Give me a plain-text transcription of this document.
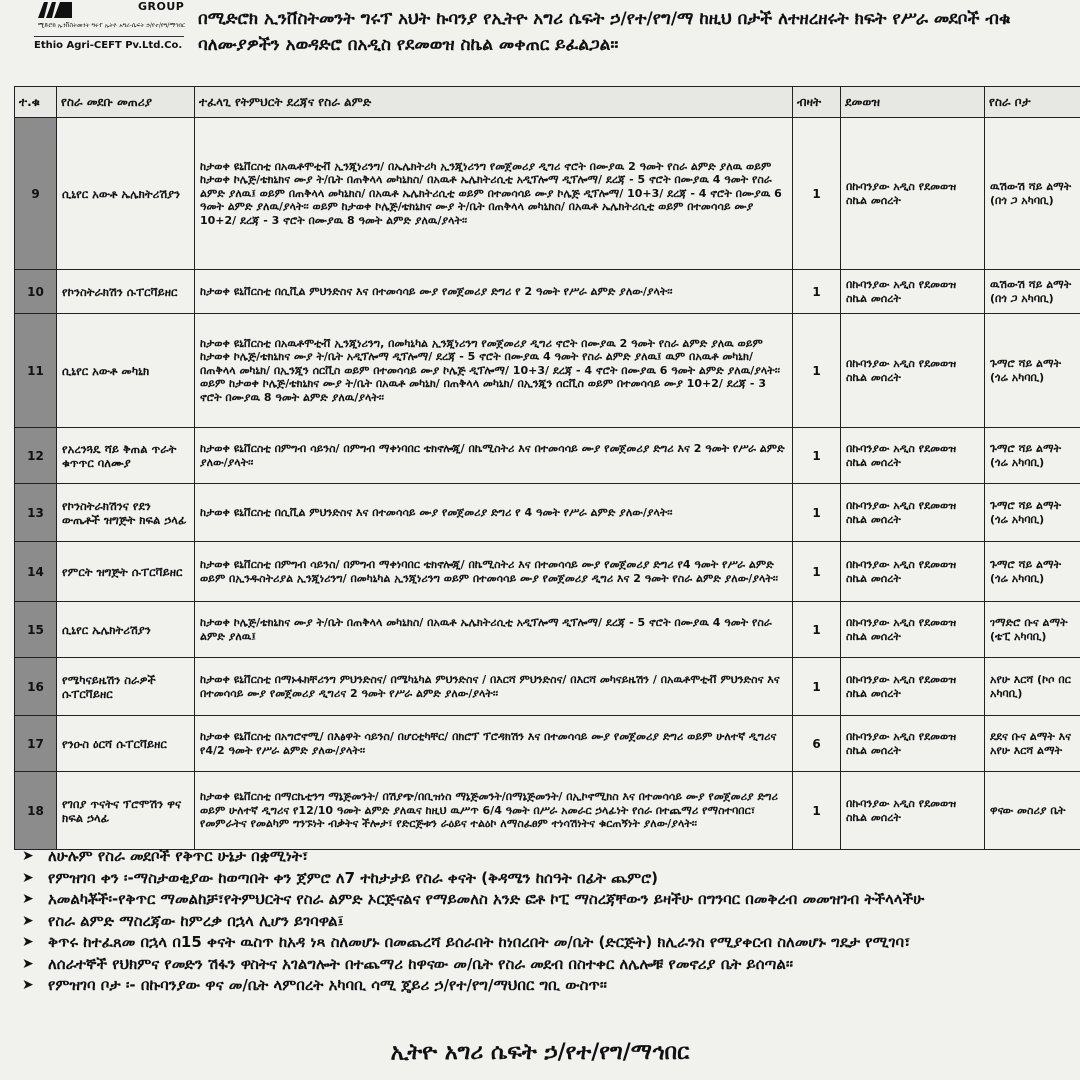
GROUP
ሚድሮክ ኢንቨስትመንት ግሩፕ ኢትዮ አግሪ-ሴፍት ኃ/የተ/የግ/ማኅበር
Ethio Agri-CEFT Pv.Ltd.Co.
በሚድሮክ ኢንቨስትመንት ግሩፕ አህት ኩባንያ የኢትዮ አግሪ ሴፍት ኃ/የተ/የግ/ማ ከዚህ በታች ለተዘረዘሩት ክፍት የሥራ መደቦች ብቁ ባለሙያዎችን አወዳድሮ በአዲስ የደመወዝ ስኬል መቀጠር ይፈልጋል።
ተ.ቁ	የስራ መደቡ መጠሪያ	ተፈላጊ የትምህርት ደረጃና የስራ ልምድ	ብዛት	ደመወዝ	የስራ ቦታ
9	ሲኒየር አውቶ ኤሌክትሪሽያን	ከታወቀ ዩኒቨርስቲ በአዉቶሞቲቭ ኢንጂነሪንግ/ በኤሌክትሪካ ኢንጂነሪንግ የመጀመሪያ ዲግሪ ኖሮት በሙያዉ 2 ዓመት የስራ ልምድ ያለዉ ወይም ከታወቀ ኮሌጅ/ቴክኒክና ሙያ ት/ቤት በጠቅላላ መካኒክስ/ በአዉቶ ኤሌክትሪሲቲ አዲፕሎማ ዲፕሎማ/ ደረጃ - 5 ኖሮት በሙያዉ 4 ዓመት የስራ ልምድ ያለዉ፤ ወይም በጠቅላላ መካኒክስ/ በአዉቶ ኤሌክትሪሲቲ ወይም በተመሳሳይ ሙያ ኮሌጅ ዲፕሎማ/ 10+3/ ደረጃ - 4 ኖሮት በሙያዉ 6 ዓመት ልምድ ያለዉ/ያላት፡፡ ወይም ከታወቀ ኮሌጅ/ቴክኒክና ሙያ ት/ቤት በጠቅላላ መካኒክስ/ በአዉቶ ኤሌክትሪሲቲ ወይም በተመሳሳይ ሙያ 10+2/ ደረጃ - 3 ኖሮት በሙያዉ 8 ዓመት ልምድ ያለዉ/ያላት፡፡	1	በኩባንያው አዲስ የደመወዝ ስኬል መሰረት	ዉሽውሽ ሻይ ልማት (በጎ ጋ አካባቢ)
10	የኮንስትራክሽን ሱፐርቫይዘር	ከታወቀ ዩኒቨርስቲ በሲቪል ምህንድስና እና በተመሳሳይ ሙያ የመጀመሪያ ድግሪ የ 2 ዓመት የሥራ ልምድ ያለው/ያላት፡፡	1	በኩባንያው አዲስ የደመወዝ ስኬል መሰረት	ዉሽውሽ ሻይ ልማት (በጎ ጋ አካባቢ)
11	ሲኒየር አውቶ መካኒክ	ከታወቀ ዩኒቨርስቲ በአዉቶሞቲቭ ኢንጂነሪንግ, በመካኒካል ኢንጂነሪንግ የመጀመሪያ ዲግሪ ኖሮት በሙያዉ 2 ዓመት የስራ ልምድ ያለዉ ወይም ከታወቀ ኮሌጅ/ቴክኒክና ሙያ ት/ቤት አዲፕሎማ ዲፕሎማ/ ደረጃ - 5 ኖሮት በሙያዉ 4 ዓመት የስራ ልምድ ያለዉ፤ ዉም በአዉቶ መካኒክ/ በጠቅላላ መካኒክ/ በኢንጂን ሰርቪስ ወይም በተመሳሳይ ሙያ ኮሌጅ ዲፕሎማ/ 10+3/ ደረጃ - 4 ኖሮት በሙያዉ 6 ዓመት ልምድ ያለዉ/ያላት፡፡ ወይም ከታወቀ ኮሌጅ/ቴክኒክና ሙያ ት/ቤት በአዉቶ መካኒክ/ በጠቅላላ መካኒክ/ በኢንጂን ሰርቪስ ወይም በተመሳሳይ ሙያ 10+2/ ደረጃ - 3 ኖሮት በሙያዉ 8 ዓመት ልምድ ያለዉ/ያላት፡፡	1	በኩባንያው አዲስ የደመወዝ ስኬል መሰረት	ጉማሮ ሻይ ልማት (ጎሬ አካባቢ)
12	የአረንጓዴ ሻይ ቅጠል ጥራት ቁጥጥር ባለሙያ	ከታወቀ ዩኒቨርስቲ በምግብ ሳይንስ/ በምግብ ማቀነባበር ቴክኖሎጂ/ በኬሚስትሪ እና በተመሳሳይ ሙያ የመጀመሪያ ድግሪ እና 2 ዓመት የሥራ ልምድ ያለው/ያላት፡፡	1	በኩባንያው አዲስ የደመወዝ ስኬል መሰረት	ጉማሮ ሻይ ልማት (ጎሬ አካባቢ)
13	የኮንስትራክሽንና የደን ውጤቶች ዝግጅት ክፍል ኃላፊ	ከታወቀ ዩኒቨርስቲ በሲቪል ምህንድስና እና በተመሳሳይ ሙያ የመጀመሪያ ድግሪ የ 4 ዓመት የሥራ ልምድ ያለው/ያላት፡፡	1	በኩባንያው አዲስ የደመወዝ ስኬል መሰረት	ጉማሮ ሻይ ልማት (ጎሬ አካባቢ)
14	የምርት ዝግጅት ሱፐርቫይዘር	ከታወቀ ዩኒቨርስቲ በምግብ ሳይንስ/ በምግብ ማቀነባበር ቴክኖሎጂ/ በኬሚስትሪ እና በተመሳሳይ ሙያ የመጀመሪያ ድግሪ የ4 ዓመት የሥራ ልምድ ወይም በኢንዱስትሪያል ኢንጂነሪንግ/ በመካኒካል ኢንጂነሪንግ ወይም በተመሳሳይ ሙያ የመጀመሪያ ዲግሪ እና 2 ዓመት የስራ ልምድ ያለው/ያላት፡፡	1	በኩባንያው አዲስ የደመወዝ ስኬል መሰረት	ጉማሮ ሻይ ልማት (ጎሬ አካባቢ)
15	ሲኒየር ኤሌክትሪሽያን	ከታወቀ ኮሌጅ/ቴክኒክና ሙያ ት/ቤት በጠቅላላ መካኒክስ/ በአዉቶ ኤሌክትሪሲቲ አዲፕሎማ ዲፕሎማ/ ደረጃ - 5 ኖሮት በሙያዉ 4 ዓመት የስራ ልምድ ያለዉ፤	1	በኩባንያው አዲስ የደመወዝ ስኬል መሰረት	ገማድሮ ቡና ልማት (ቴፒ አካባቢ)
16	የሜካናይዜሽን ስራዎች ሱፐርቫይዘር	ከታወቀ ዩኒቨርስቲ በማኑፋክቸሪንግ ምህንድስና/ በሜካኒካል ምህንድስና / በእርሻ ምህንድስና/ በእርሻ መካናይዜሽን / በአዉቶሞቲቭ ምህንድስና እና በተመሳሳይ ሙያ የመጀመሪያ ዲግሪና 2 ዓመት የሥራ ልምድ ያለው/ያላት፡፡	1	በኩባንያው አዲስ የደመወዝ ስኬል መሰረት	አየሁ እርሻ (ኮሶ በር አካባቢ)
17	የንዑስ ዕርሻ ሱፐርቫይዘር	ከታወቀ ዩኒቨርስቲ በአግሮኖሚ/ በእፅዋት ሳይንስ/ በሆርቲካቸር/ በክሮፕ ፕሮዳክሽን እና በተመሳሳይ ሙያ የመጀመሪያ ድግሪ ወይም ሁለተኛ ዲግሪና የ4/2 ዓመት የሥራ ልምድ ያለው/ያላት፡፡	6	በኩባንያው አዲስ የደመወዝ ስኬል መሰረት	ደደና ቡና ልማት እና አየሁ እርሻ ልማት
18	የገበያ ጥናትና ፕሮሞሽን ዋና ክፍል ኃላፊ	ከታወቀ ዩኒቨርስቲ በማርኬቲንግ ማኔጅመንት/ በሽያጭ/በቢዝነስ ማኔጅመንት/በማኔጅመንት/ በኢኮኖሚክስ እና በተመሳሳይ ሙያ የመጀመሪያ ድግሪ ወይም ሁለተኛ ዲግሪና የ12/10 ዓመት ልምድ ያለዉና ከዚህ ዉሥጥ 6/4 ዓመት በሥራ አመራር ኃላፊነት የሰራ በተጨማሪ የማስተባበር፣ የመምራትና የመልካም ግንኙነት ብቃትና ችሎታ፣ የድርጅቱን ራዕይና ተልዕኮ ለማስፈፀም ተነሳሽነትና ቁርጠኝነት ያለው/ያላት፡፡	1	በኩባንያው አዲስ የደመወዝ ስኬል መሰረት	ዋናው መስሪያ ቤት
➤ ለሁሉም የስራ መደቦች የቅጥር ሁኔታ በቋሚነት፣
➤ የምዝገባ ቀን ፡-ማስታወቂያው ከወጣበት ቀን ጀምሮ ለ7 ተከታታይ የስራ ቀናት (ቅዳሜን ከሰዓት በፊት ጨምሮ)
➤ አመልካቾች፡-የቅጥር ማመልከቻ፣የትምህርትና የስራ ልምድ ኦርጅናልና የማይመለስ አንድ ፎቶ ኮፒ ማስረጃቸውን ይዛችሁ በግንባር በመቅረብ መመዝገብ ትችላላችሁ
➤ የስራ ልምድ ማስረጃው ከምረቃ በኋላ ሊሆን ይገባዋል፤
➤ ቅጥሩ ከተፈጸመ በኋላ በ15 ቀናት ዉስጥ ከአዳ ነጻ ስለመሆኑ በመጨረሻ ይሰራበት ከነበረበት መ/ቤት (ድርጅት) ክሊራንስ የሚያቀርብ ስለመሆኑ ግዴታ የሚገባ፣
➤ ለሰራተኞች የህክምና የመድን ሽፋን ዋስትና አገልግሎት በተጨማሪ ከዋናው መ/ቤት የስራ መደብ በስተቀር ለሌሎቹ የመኖሪያ ቤት ይሰጣል፡፡
➤ የምዝገባ ቦታ ፡- በኩባንያው ዋና መ/ቤት ላምበረት አካባቢ ሳሚ ጄይሪ ኃ/የተ/የግ/ማህበር ግቢ ውስጥ፡፡
ኢትዮ አግሪ ሴፍት ኃ/የተ/የግ/ማኅበር
